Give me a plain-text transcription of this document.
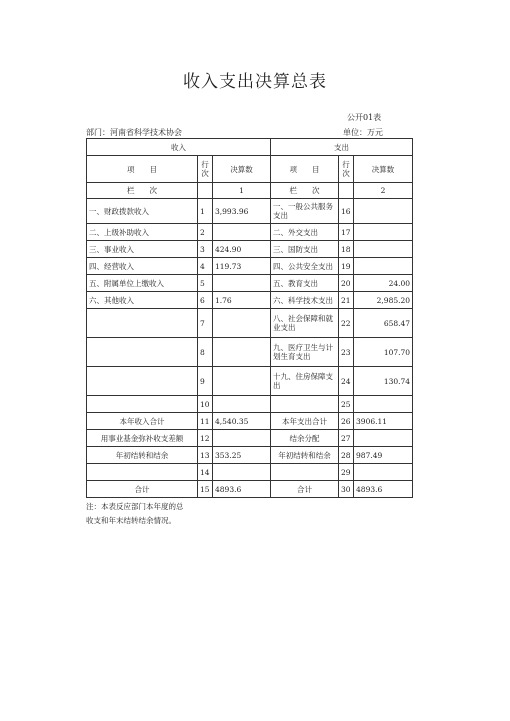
收入支出决算总表
公开01表
部门：河南省科学技术协会	单位：万元
收入			支出		
项　　目	行次	决算数	项　　目	行次	决算数
栏　　次		1	栏　　次		2
一、财政拨款收入	1	3,993.96	一、一般公共服务支出	16	
二、上级补助收入	2		二、外交支出	17	
三、事业收入	3	424.90	三、国防支出	18	
四、经营收入	4	119.73	四、公共安全支出	19	
五、附属单位上缴收入	5		五、教育支出	20	24.00
六、其他收入	6	1.76	六、科学技术支出	21	2,985.20
	7		八、社会保障和就业支出	22	658.47
	8		九、医疗卫生与计划生育支出	23	107.70
	9		十九、住房保障支出	24	130.74
	10			25	
本年收入合计	11	4,540.35	本年支出合计	26	3906.11
用事业基金弥补收支差额	12		结余分配	27	
年初结转和结余	13	353.25	年初结转和结余	28	987.49
	14			29	
合计	15	4893.6	合计	30	4893.6
注：本表反应部门本年度的总
收支和年末结转结余情况。
